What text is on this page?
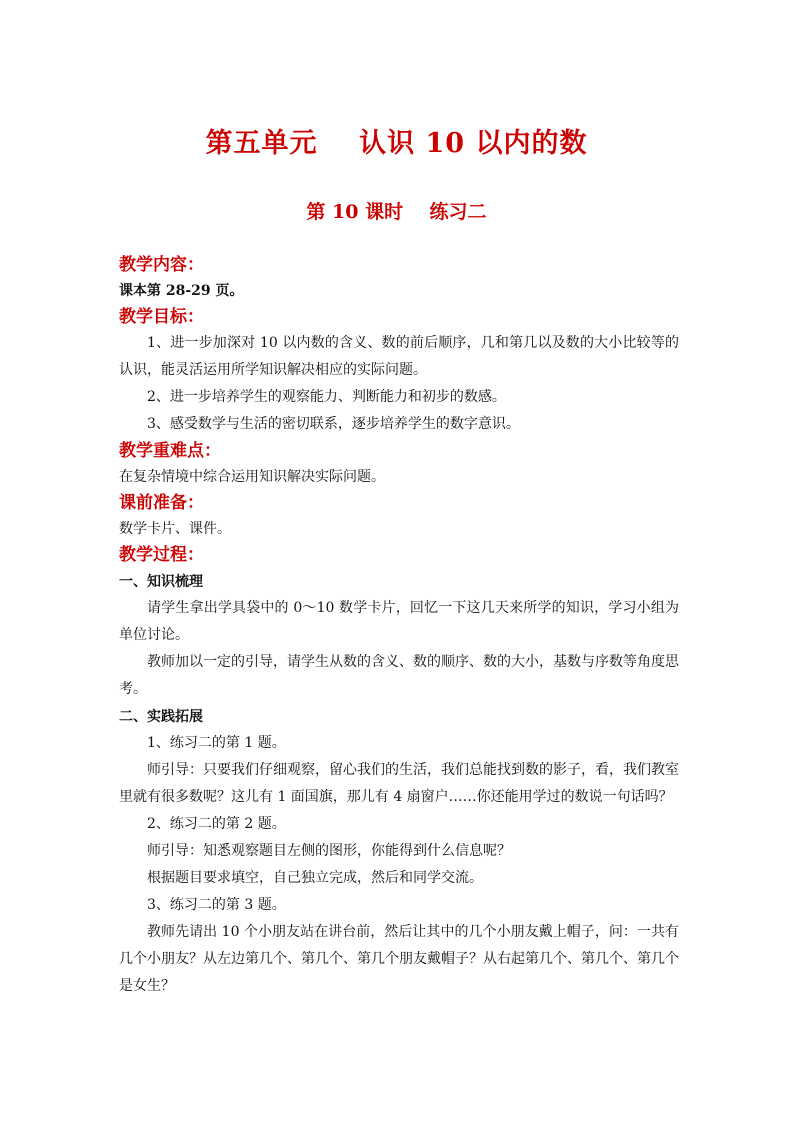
第五单元    认识 10 以内的数
第 10 课时    练习二
教学内容：
课本第 28-29 页。
教学目标：
1、进一步加深对 10 以内数的含义、数的前后顺序，几和第几以及数的大小比较等的认识，能灵活运用所学知识解决相应的实际问题。
2、进一步培养学生的观察能力、判断能力和初步的数感。
3、感受数学与生活的密切联系，逐步培养学生的数字意识。
教学重难点：
在复杂情境中综合运用知识解决实际问题。
课前准备：
数学卡片、课件。
教学过程：
一、知识梳理
请学生拿出学具袋中的 0～10 数学卡片，回忆一下这几天来所学的知识，学习小组为单位讨论。
教师加以一定的引导，请学生从数的含义、数的顺序、数的大小，基数与序数等角度思考。
二、实践拓展
1、练习二的第 1 题。
师引导：只要我们仔细观察，留心我们的生活，我们总能找到数的影子，看，我们教室里就有很多数呢？这儿有 1 面国旗，那儿有 4 扇窗户……你还能用学过的数说一句话吗？
2、练习二的第 2 题。
师引导：知悉观察题目左侧的图形，你能得到什么信息呢？
根据题目要求填空，自己独立完成，然后和同学交流。
3、练习二的第 3 题。
教师先请出 10 个小朋友站在讲台前，然后让其中的几个小朋友戴上帽子，问：一共有几个小朋友？从左边第几个、第几个、第几个朋友戴帽子？从右起第几个、第几个、第几个是女生？
